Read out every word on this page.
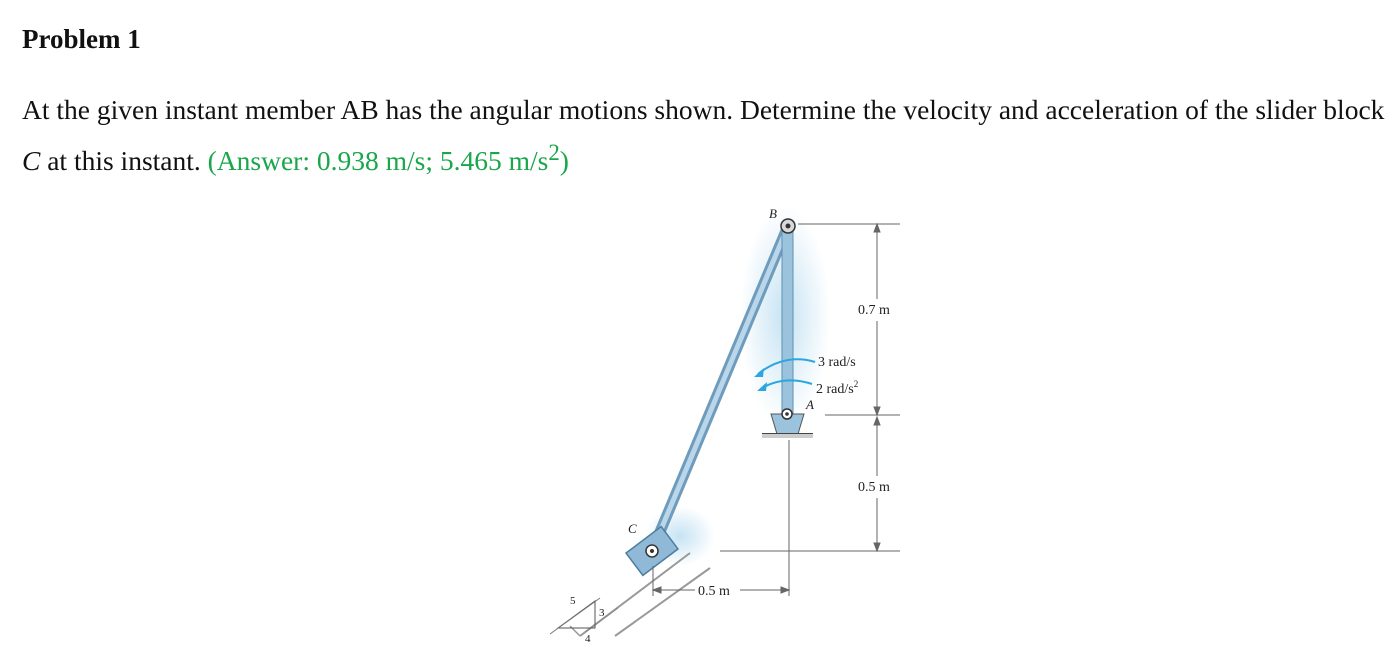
Problem 1

At the given instant member AB has the angular motions shown. Determine the velocity and acceleration of the slider block C at this instant. (Answer: 0.938 m/s; 5.465 $m/s^2$)

5
3
4
A
B
C
3 rad/s
2 rad/$s^2$
0.7 m
0.5 m
0.5 m
